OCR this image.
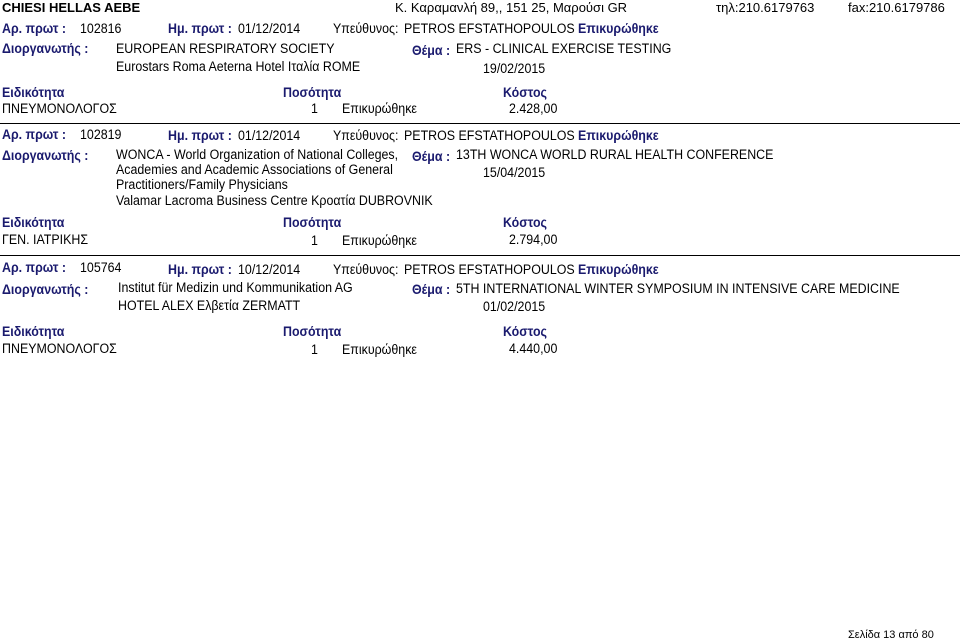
CHIESI HELLAS AEBE	Κ. Καραμανλή 89,, 151 25, Μαρούσι GR	τηλ:210.6179763	fax:210.6179786
Αρ. πρωτ : 102816	Ημ. πρωτ : 01/12/2014 Υπεύθυνος: PETROS EFSTATHOPOULOS Επικυρώθηκε
Διοργανωτής : EUROPEAN RESPIRATORY SOCIETY
Eurostars Roma Aeterna Hotel Ιταλία ROME
Θέμα : ERS - CLINICAL EXERCISE TESTING
19/02/2015
Ειδικότητα	Ποσότητα	Κόστος
ΠΝΕΥΜΟΝΟΛΟΓΟΣ	1 Επικυρώθηκε	2.428,00
Αρ. πρωτ : 102819	Ημ. πρωτ : 01/12/2014 Υπεύθυνος: PETROS EFSTATHOPOULOS Επικυρώθηκε
Διοργανωτής : WONCA - World Organization of National Colleges,
Academies and Academic Associations of General
Practitioners/Family Physicians
Valamar Lacroma Business Centre Κροατία DUBROVNIK
Θέμα : 13TH WONCA WORLD RURAL HEALTH CONFERENCE
15/04/2015
Ειδικότητα	Ποσότητα	Κόστος
ΓΕΝ. ΙΑΤΡΙΚΗΣ	1 Επικυρώθηκε	2.794,00
Αρ. πρωτ : 105764	Ημ. πρωτ : 10/12/2014 Υπεύθυνος: PETROS EFSTATHOPOULOS Επικυρώθηκε
Διοργανωτής : Institut für Medizin und Kommunikation AG
HOTEL ALEX Ελβετία ZERMATT
Θέμα : 5TH INTERNATIONAL WINTER SYMPOSIUM IN INTENSIVE CARE MEDICINE
01/02/2015
Ειδικότητα	Ποσότητα	Κόστος
ΠΝΕΥΜΟΝΟΛΟΓΟΣ	1 Επικυρώθηκε	4.440,00
Σελίδα 13 από 80
